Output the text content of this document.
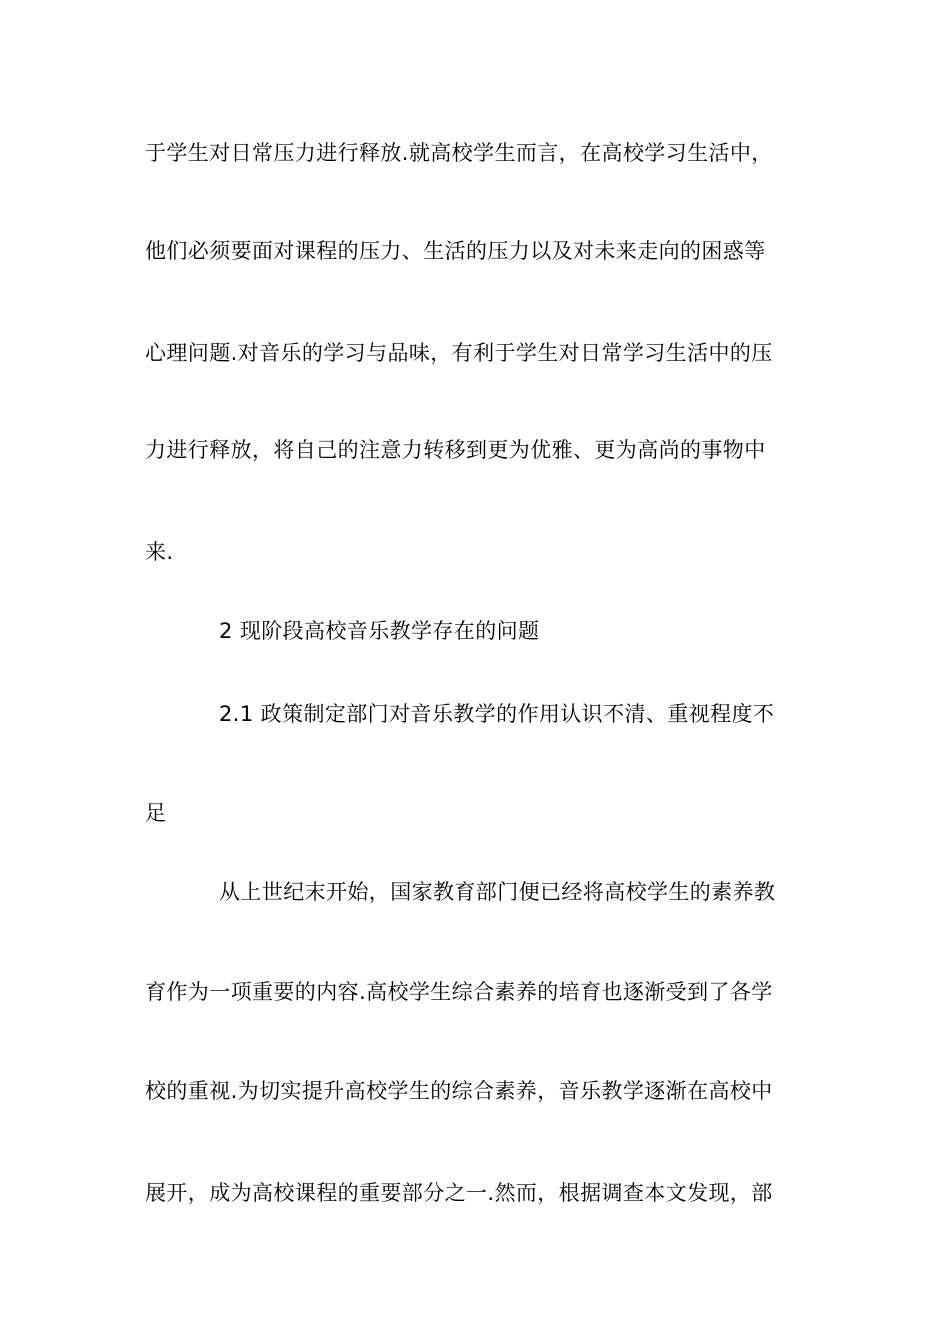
于学生对日常压力进行释放.就高校学生而言，在高校学习生活中，
他们必须要面对课程的压力、生活的压力以及对未来走向的困惑等
心理问题.对音乐的学习与品味，有利于学生对日常学习生活中的压
力进行释放，将自己的注意力转移到更为优雅、更为高尚的事物中
来.
2 现阶段高校音乐教学存在的问题
2.1 政策制定部门对音乐教学的作用认识不清、重视程度不
足
从上世纪末开始，国家教育部门便已经将高校学生的素养教
育作为一项重要的内容.高校学生综合素养的培育也逐渐受到了各学
校的重视.为切实提升高校学生的综合素养，音乐教学逐渐在高校中
展开，成为高校课程的重要部分之一.然而，根据调查本文发现，部
